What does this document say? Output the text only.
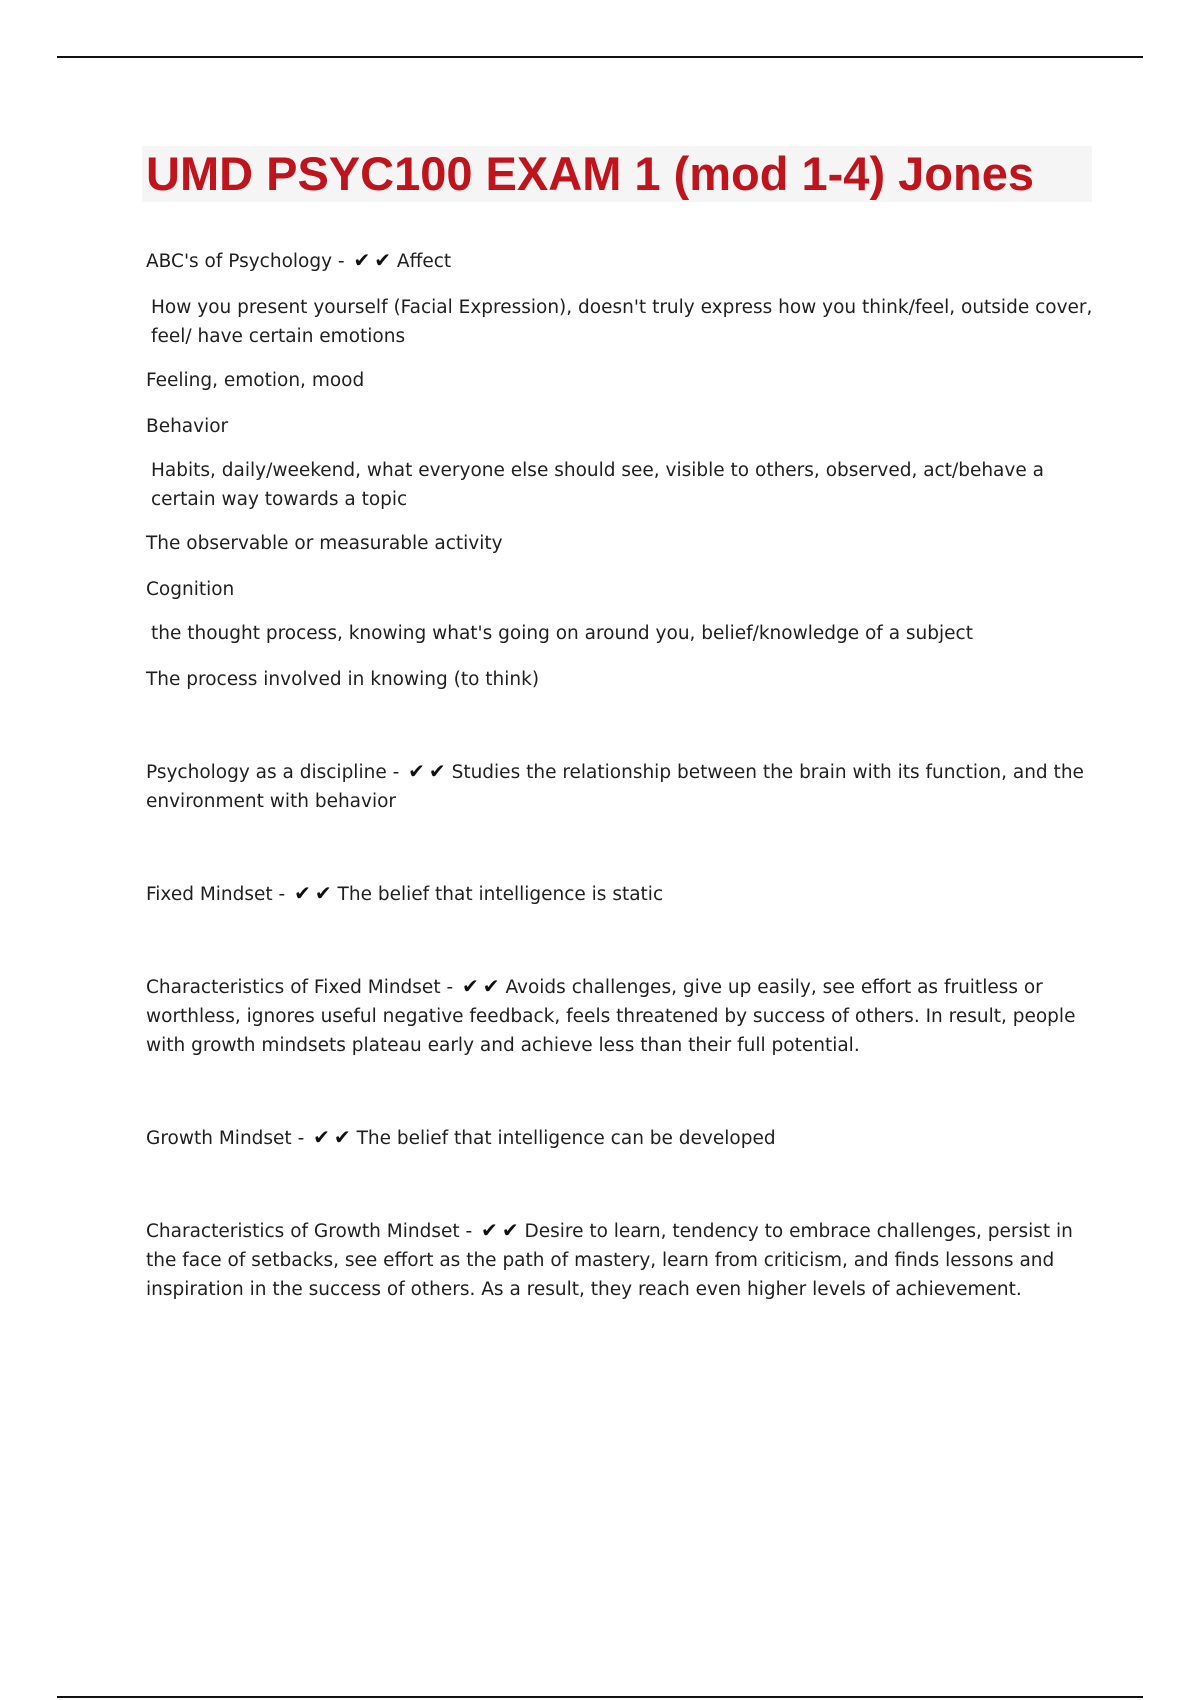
UMD PSYC100 EXAM 1 (mod 1-4) Jones

ABC's of Psychology - ✔ ✔ Affect

How you present yourself (Facial Expression), doesn't truly express how you think/feel, outside cover, feel/ have certain emotions

Feeling, emotion, mood

Behavior

Habits, daily/weekend, what everyone else should see, visible to others, observed, act/behave a certain way towards a topic

The observable or measurable activity

Cognition

the thought process, knowing what's going on around you, belief/knowledge of a subject

The process involved in knowing (to think)

Psychology as a discipline - ✔ ✔ Studies the relationship between the brain with its function, and the environment with behavior

Fixed Mindset - ✔ ✔ The belief that intelligence is static

Characteristics of Fixed Mindset - ✔ ✔ Avoids challenges, give up easily, see effort as fruitless or worthless, ignores useful negative feedback, feels threatened by success of others. In result, people with growth mindsets plateau early and achieve less than their full potential.

Growth Mindset - ✔ ✔ The belief that intelligence can be developed

Characteristics of Growth Mindset - ✔ ✔ Desire to learn, tendency to embrace challenges, persist in the face of setbacks, see effort as the path of mastery, learn from criticism, and finds lessons and inspiration in the success of others. As a result, they reach even higher levels of achievement.
